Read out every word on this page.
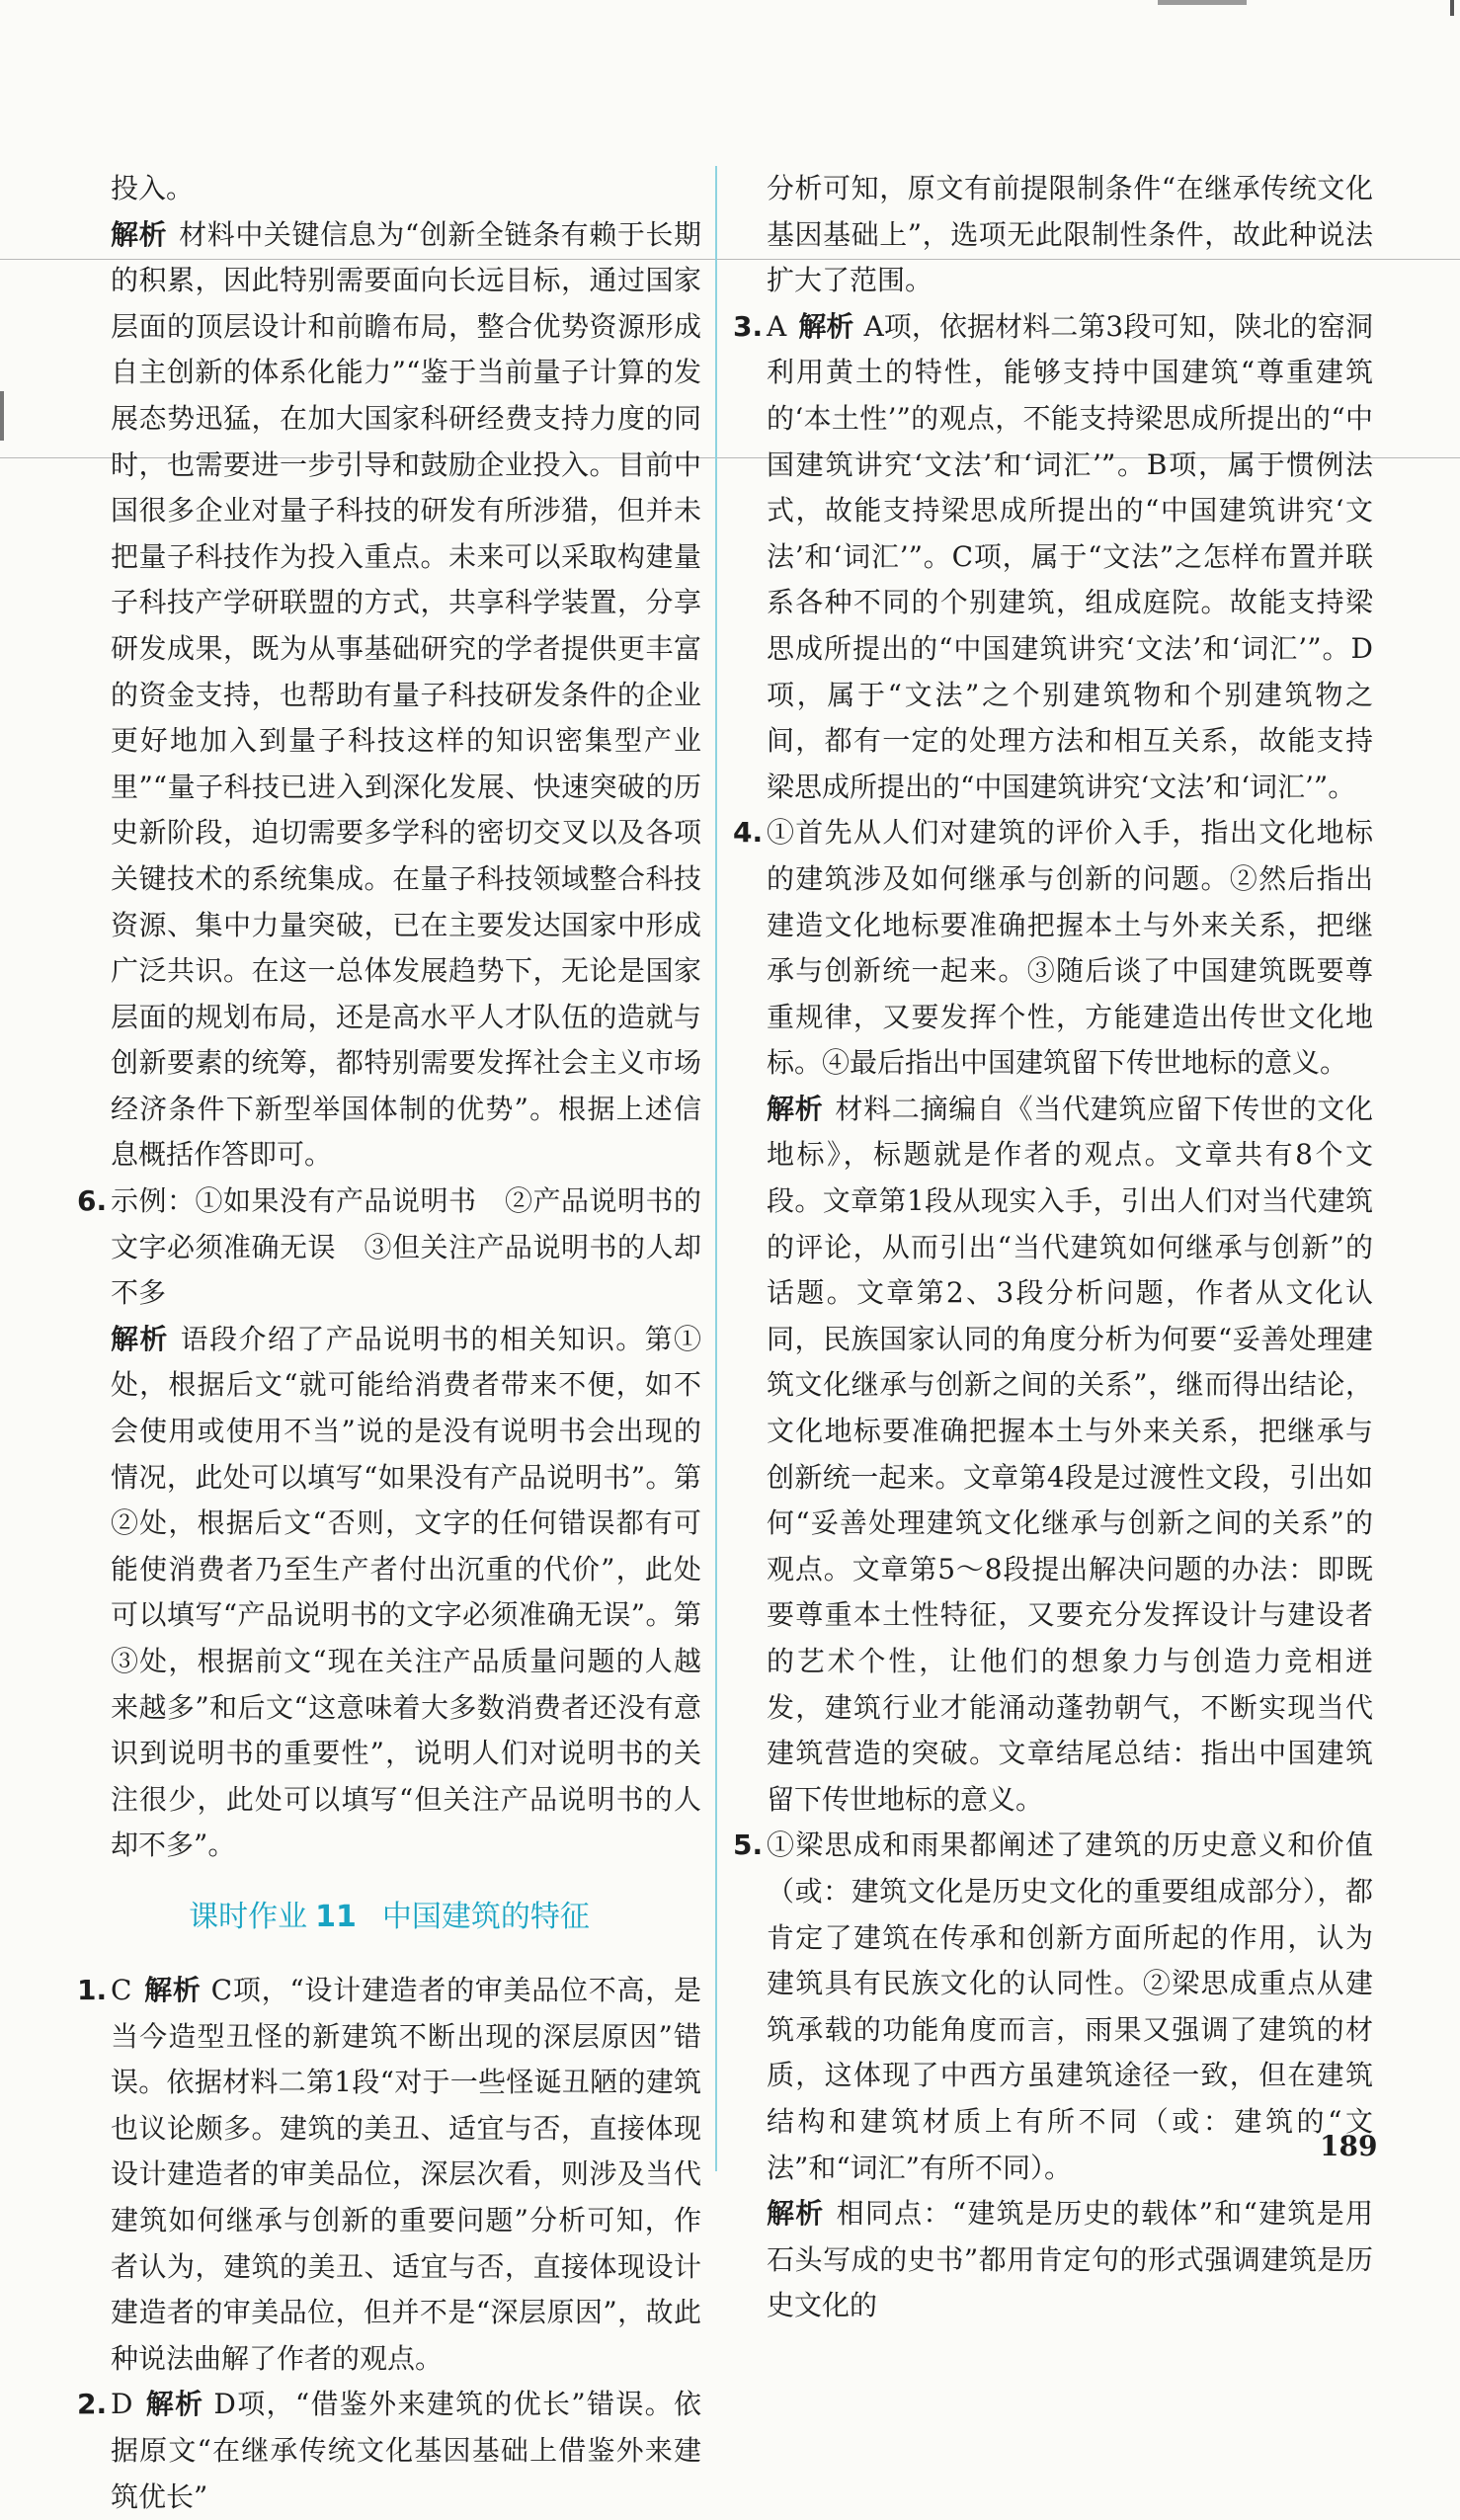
投入。

解析 材料中关键信息为“创新全链条有赖于长期的积累，因此特别需要面向长远目标，通过国家层面的顶层设计和前瞻布局，整合优势资源形成自主创新的体系化能力”“鉴于当前量子计算的发展态势迅猛，在加大国家科研经费支持力度的同时，也需要进一步引导和鼓励企业投入。目前中国很多企业对量子科技的研发有所涉猎，但并未把量子科技作为投入重点。未来可以采取构建量子科技产学研联盟的方式，共享科学装置，分享研发成果，既为从事基础研究的学者提供更丰富的资金支持，也帮助有量子科技研发条件的企业更好地加入到量子科技这样的知识密集型产业里”“量子科技已进入到深化发展、快速突破的历史新阶段，迫切需要多学科的密切交叉以及各项关键技术的系统集成。在量子科技领域整合科技资源、集中力量突破，已在主要发达国家中形成广泛共识。在这一总体发展趋势下，无论是国家层面的规划布局，还是高水平人才队伍的造就与创新要素的统筹，都特别需要发挥社会主义市场经济条件下新型举国体制的优势”。根据上述信息概括作答即可。

6. 示例：①如果没有产品说明书　②产品说明书的文字必须准确无误　③但关注产品说明书的人却不多

解析 语段介绍了产品说明书的相关知识。第①处，根据后文“就可能给消费者带来不便，如不会使用或使用不当”说的是没有说明书会出现的情况，此处可以填写“如果没有产品说明书”。第②处，根据后文“否则，文字的任何错误都有可能使消费者乃至生产者付出沉重的代价”，此处可以填写“产品说明书的文字必须准确无误”。第③处，根据前文“现在关注产品质量问题的人越来越多”和后文“这意味着大多数消费者还没有意识到说明书的重要性”，说明人们对说明书的关注很少，此处可以填写“但关注产品说明书的人却不多”。

课时作业 11 中国建筑的特征
1. C 解析 C项，“设计建造者的审美品位不高，是当今造型丑怪的新建筑不断出现的深层原因”错误。依据材料二第1段“对于一些怪诞丑陋的建筑也议论颇多。建筑的美丑、适宜与否，直接体现设计建造者的审美品位，深层次看，则涉及当代建筑如何继承与创新的重要问题”分析可知，作者认为，建筑的美丑、适宜与否，直接体现设计建造者的审美品位，但并不是“深层原因”，故此种说法曲解了作者的观点。

2. D 解析 D项，“借鉴外来建筑的优长”错误。依据原文“在继承传统文化基因基础上借鉴外来建筑优长”

分析可知，原文有前提限制条件“在继承传统文化基因基础上”，选项无此限制性条件，故此种说法扩大了范围。

3. A 解析 A项，依据材料二第3段可知，陕北的窑洞利用黄土的特性，能够支持中国建筑“尊重建筑的‘本土性’”的观点，不能支持梁思成所提出的“中国建筑讲究‘文法’和‘词汇’”。B项，属于惯例法式，故能支持梁思成所提出的“中国建筑讲究‘文法’和‘词汇’”。C项，属于“文法”之怎样布置并联系各种不同的个别建筑，组成庭院。故能支持梁思成所提出的“中国建筑讲究‘文法’和‘词汇’”。D项，属于“文法”之个别建筑物和个别建筑物之间，都有一定的处理方法和相互关系，故能支持梁思成所提出的“中国建筑讲究‘文法’和‘词汇’”。

4. ①首先从人们对建筑的评价入手，指出文化地标的建筑涉及如何继承与创新的问题。②然后指出建造文化地标要准确把握本土与外来关系，把继承与创新统一起来。③随后谈了中国建筑既要尊重规律，又要发挥个性，方能建造出传世文化地标。④最后指出中国建筑留下传世地标的意义。

解析 材料二摘编自《当代建筑应留下传世的文化地标》，标题就是作者的观点。文章共有8个文段。文章第1段从现实入手，引出人们对当代建筑的评论，从而引出“当代建筑如何继承与创新”的话题。文章第2、3段分析问题，作者从文化认同，民族国家认同的角度分析为何要“妥善处理建筑文化继承与创新之间的关系”，继而得出结论，文化地标要准确把握本土与外来关系，把继承与创新统一起来。文章第4段是过渡性文段，引出如何“妥善处理建筑文化继承与创新之间的关系”的观点。文章第5～8段提出解决问题的办法：即既要尊重本土性特征，又要充分发挥设计与建设者的艺术个性，让他们的想象力与创造力竞相迸发，建筑行业才能涌动蓬勃朝气，不断实现当代建筑营造的突破。文章结尾总结：指出中国建筑留下传世地标的意义。

5. ①梁思成和雨果都阐述了建筑的历史意义和价值（或：建筑文化是历史文化的重要组成部分），都肯定了建筑在传承和创新方面所起的作用，认为建筑具有民族文化的认同性。②梁思成重点从建筑承载的功能角度而言，雨果又强调了建筑的材质，这体现了中西方虽建筑途径一致，但在建筑结构和建筑材质上有所不同（或：建筑的“文法”和“词汇”有所不同）。

解析 相同点：“建筑是历史的载体”和“建筑是用石头写成的史书”都用肯定句的形式强调建筑是历史文化的

189
